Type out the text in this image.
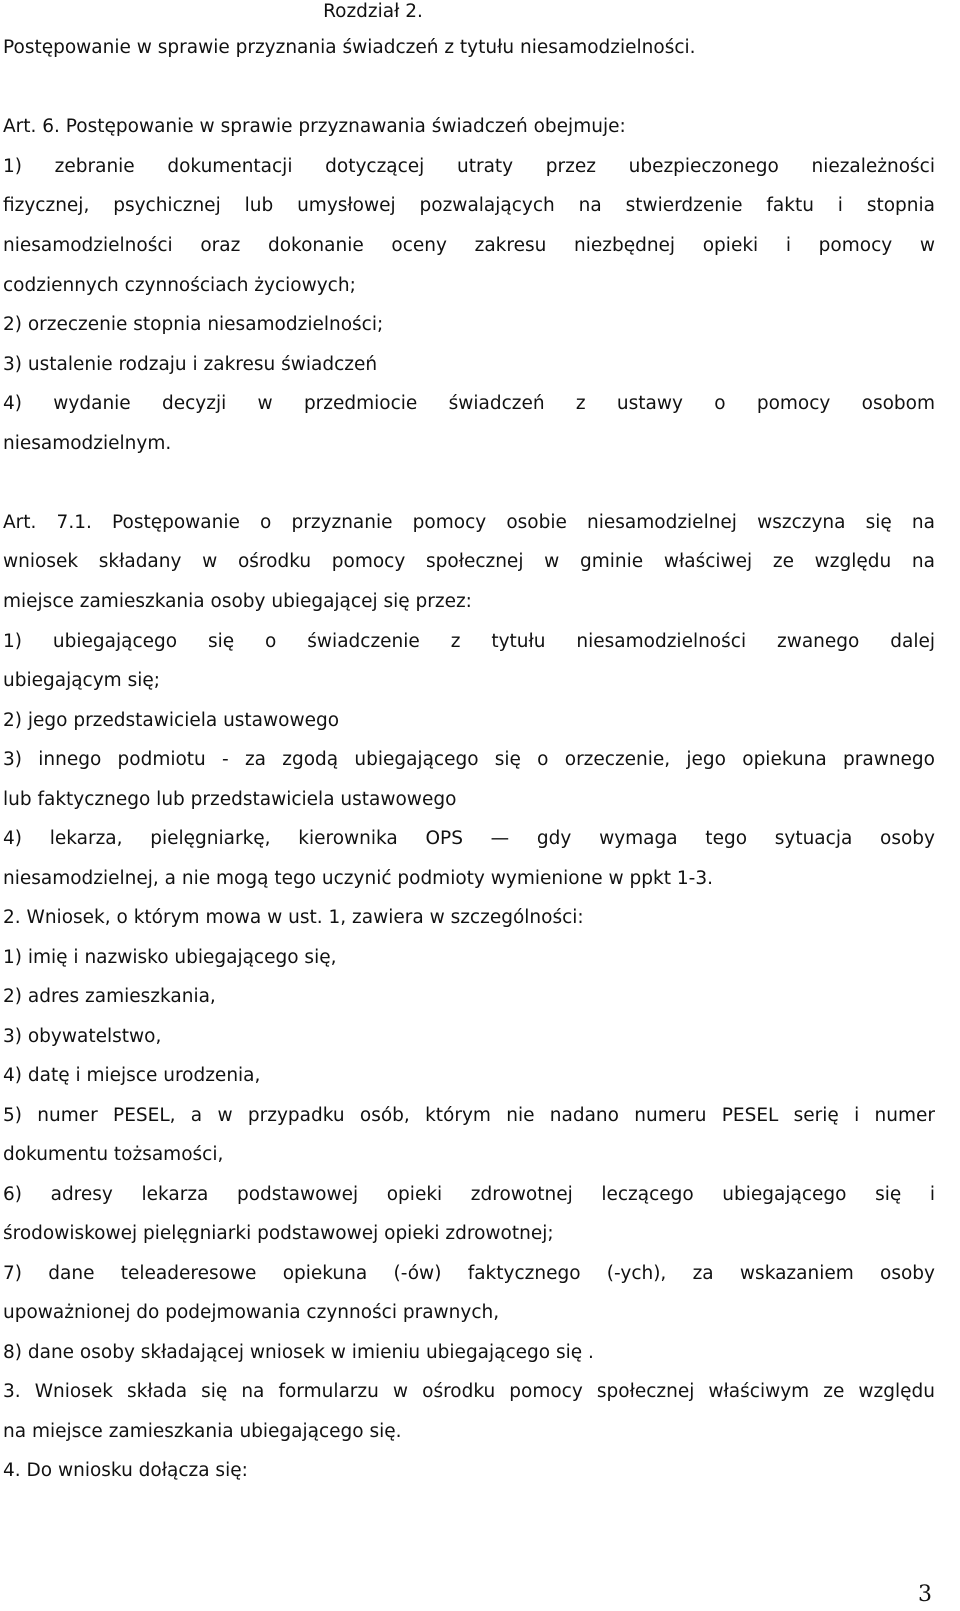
Rozdział 2.
Postępowanie w sprawie przyznania świadczeń z tytułu niesamodzielności.
Art. 6. Postępowanie w sprawie przyznawania świadczeń obejmuje:
1) zebranie dokumentacji dotyczącej utraty przez ubezpieczonego niezależności
fizycznej, psychicznej lub umysłowej pozwalających na stwierdzenie faktu i stopnia
niesamodzielności oraz dokonanie oceny zakresu niezbędnej opieki i pomocy w
codziennych czynnościach życiowych;
2) orzeczenie stopnia niesamodzielności;
3) ustalenie rodzaju i zakresu świadczeń
4) wydanie decyzji w przedmiocie świadczeń z ustawy o pomocy osobom
niesamodzielnym.
Art. 7.1. Postępowanie o przyznanie pomocy osobie niesamodzielnej wszczyna się na
wniosek składany w ośrodku pomocy społecznej w gminie właściwej ze względu na
miejsce zamieszkania osoby ubiegającej się przez:
1) ubiegającego się o świadczenie z tytułu niesamodzielności zwanego dalej
ubiegającym się;
2) jego przedstawiciela ustawowego
3) innego podmiotu - za zgodą ubiegającego się o orzeczenie, jego opiekuna prawnego
lub faktycznego lub przedstawiciela ustawowego
4) lekarza, pielęgniarkę, kierownika OPS — gdy wymaga tego sytuacja osoby
niesamodzielnej, a nie mogą tego uczynić podmioty wymienione w ppkt 1-3.
2. Wniosek, o którym mowa w ust. 1, zawiera w szczególności:
1) imię i nazwisko ubiegającego się,
2) adres zamieszkania,
3) obywatelstwo,
4) datę i miejsce urodzenia,
5) numer PESEL, a w przypadku osób, którym nie nadano numeru PESEL serię i numer
dokumentu tożsamości,
6) adresy lekarza podstawowej opieki zdrowotnej leczącego ubiegającego się i
środowiskowej pielęgniarki podstawowej opieki zdrowotnej;
7) dane teleaderesowe opiekuna (-ów) faktycznego (-ych), za wskazaniem osoby
upoważnionej do podejmowania czynności prawnych,
8) dane osoby składającej wniosek w imieniu ubiegającego się .
3. Wniosek składa się na formularzu w ośrodku pomocy społecznej właściwym ze względu
na miejsce zamieszkania ubiegającego się.
4. Do wniosku dołącza się:
3
